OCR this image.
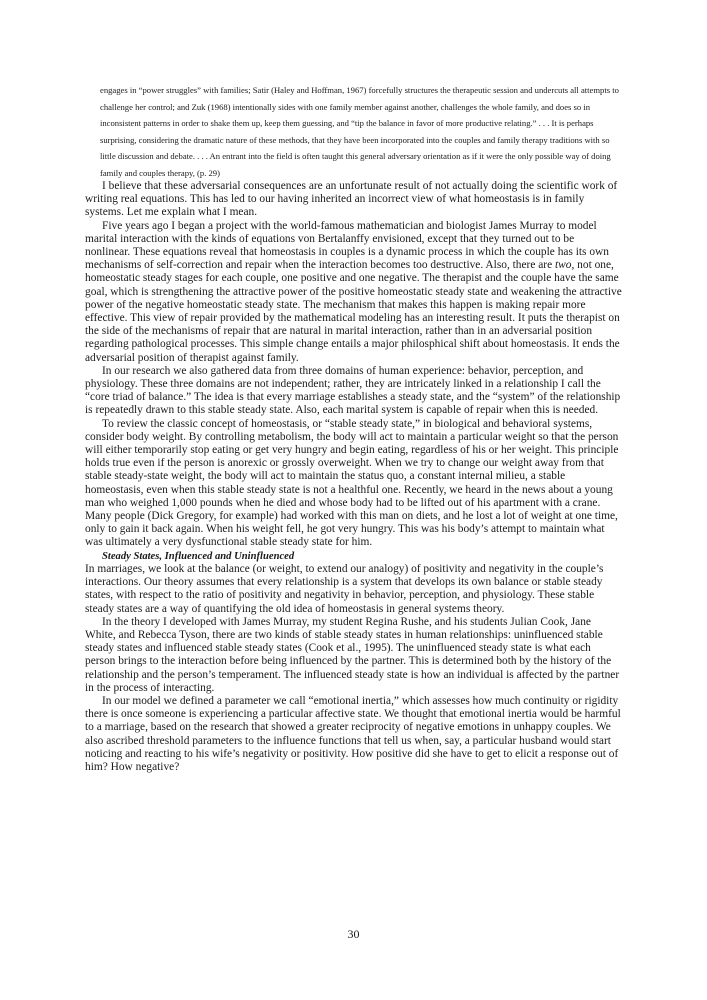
engages in “power struggles” with families; Satir (Haley and Hoffman, 1967) forcefully structures the therapeutic session and undercuts all attempts to challenge her control; and Zuk (1968) intentionally sides with one family member against another, challenges the whole family, and does so in inconsistent patterns in order to shake them up, keep them guessing, and “tip the balance in favor of more productive relating.” . . . It is perhaps surprising, considering the dramatic nature of these methods, that they have been incorporated into the couples and family therapy traditions with so little discussion and debate. . . . An entrant into the field is often taught this general adversary orientation as if it were the only possible way of doing family and couples therapy, (p. 29)

I believe that these adversarial consequences are an unfortunate result of not actually doing the scientific work of writing real equations. This has led to our having inherited an incorrect view of what homeostasis is in family systems. Let me explain what I mean.

Five years ago I began a project with the world-famous mathematician and biologist James Murray to model marital interaction with the kinds of equations von Bertalanffy envisioned, except that they turned out to be nonlinear. These equations reveal that homeostasis in couples is a dynamic process in which the couple has its own mechanisms of self-correction and repair when the interaction becomes too destructive. Also, there are two, not one, homeostatic steady stages for each couple, one positive and one negative. The therapist and the couple have the same goal, which is strengthening the attractive power of the positive homeostatic steady state and weakening the attractive power of the negative homeostatic steady state. The mechanism that makes this happen is making repair more effective. This view of repair provided by the mathematical modeling has an interesting result. It puts the therapist on the side of the mechanisms of repair that are natural in marital interaction, rather than in an adversarial position regarding pathological processes. This simple change entails a major philosphical shift about homeostasis. It ends the adversarial position of therapist against family.

In our research we also gathered data from three domains of human experience: behavior, perception, and physiology. These three domains are not independent; rather, they are intricately linked in a relationship I call the “core triad of balance.” The idea is that every marriage establishes a steady state, and the “system” of the relationship is repeatedly drawn to this stable steady state. Also, each marital system is capable of repair when this is needed.

To review the classic concept of homeostasis, or “stable steady state,” in biological and behavioral systems, consider body weight. By controlling metabolism, the body will act to maintain a particular weight so that the person will either temporarily stop eating or get very hungry and begin eating, regardless of his or her weight. This principle holds true even if the person is anorexic or grossly overweight. When we try to change our weight away from that stable steady-state weight, the body will act to maintain the status quo, a constant internal milieu, a stable homeostasis, even when this stable steady state is not a healthful one. Recently, we heard in the news about a young man who weighed 1,000 pounds when he died and whose body had to be lifted out of his apartment with a crane. Many people (Dick Gregory, for example) had worked with this man on diets, and he lost a lot of weight at one time, only to gain it back again. When his weight fell, he got very hungry. This was his body’s attempt to maintain what was ultimately a very dysfunctional stable steady state for him.

Steady States, Influenced and Uninfluenced

In marriages, we look at the balance (or weight, to extend our analogy) of positivity and negativity in the couple’s interactions. Our theory assumes that every relationship is a system that develops its own balance or stable steady states, with respect to the ratio of positivity and negativity in behavior, perception, and physiology. These stable steady states are a way of quantifying the old idea of homeostasis in general systems theory.

In the theory I developed with James Murray, my student Regina Rushe, and his students Julian Cook, Jane White, and Rebecca Tyson, there are two kinds of stable steady states in human relationships: uninfluenced stable steady states and influenced stable steady states (Cook et al., 1995). The uninfluenced steady state is what each person brings to the interaction before being influenced by the partner. This is determined both by the history of the relationship and the person’s temperament. The influenced steady state is how an individual is affected by the partner in the process of interacting.

In our model we defined a parameter we call “emotional inertia,” which assesses how much continuity or rigidity there is once someone is experiencing a particular affective state. We thought that emotional inertia would be harmful to a marriage, based on the research that showed a greater reciprocity of negative emotions in unhappy couples. We also ascribed threshold parameters to the influence functions that tell us when, say, a particular husband would start noticing and reacting to his wife’s negativity or positivity. How positive did she have to get to elicit a response out of him? How negative?

30
